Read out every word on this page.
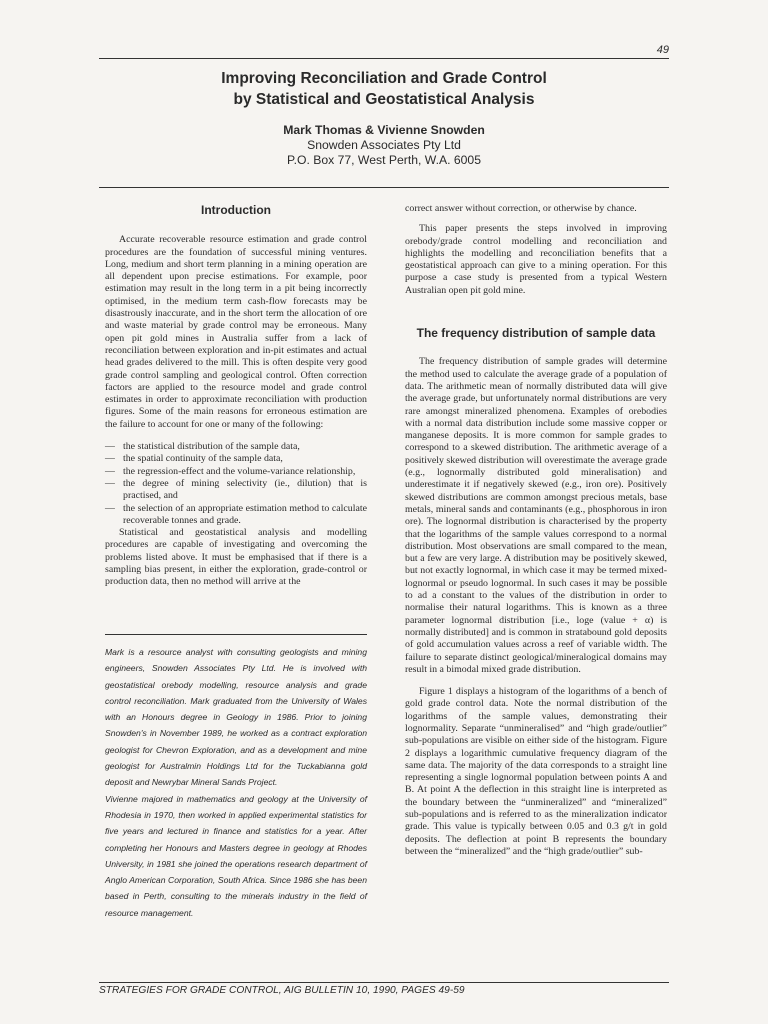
49
Improving Reconciliation and Grade Control
by Statistical and Geostatistical Analysis
Mark Thomas & Vivienne Snowden
Snowden Associates Pty Ltd
P.O. Box 77, West Perth, W.A. 6005
Introduction

Accurate recoverable resource estimation and grade control procedures are the foundation of successful mining ventures. Long, medium and short term planning in a mining operation are all dependent upon precise estimations. For example, poor estimation may result in the long term in a pit being incorrectly optimised, in the medium term cash-flow forecasts may be disastrously inaccurate, and in the short term the allocation of ore and waste material by grade control may be erroneous. Many open pit gold mines in Australia suffer from a lack of reconciliation between exploration and in-pit estimates and actual head grades delivered to the mill. This is often despite very good grade control sampling and geological control. Often correction factors are applied to the resource model and grade control estimates in order to approximate reconciliation with production figures. Some of the main reasons for erroneous estimation are the failure to account for one or many of the following:

— the statistical distribution of the sample data,
— the spatial continuity of the sample data,
— the regression-effect and the volume-variance relationship,
— the degree of mining selectivity (ie., dilution) that is practised, and
— the selection of an appropriate estimation method to calculate recoverable tonnes and grade.

Statistical and geostatistical analysis and modelling procedures are capable of investigating and overcoming the problems listed above. It must be emphasised that if there is a sampling bias present, in either the exploration, grade-control or production data, then no method will arrive at the

Mark is a resource analyst with consulting geologists and mining engineers, Snowden Associates Pty Ltd. He is involved with geostatistical orebody modelling, resource analysis and grade control reconciliation. Mark graduated from the University of Wales with an Honours degree in Geology in 1986. Prior to joining Snowden's in November 1989, he worked as a contract exploration geologist for Chevron Exploration, and as a development and mine geologist for Australmin Holdings Ltd for the Tuckabianna gold deposit and Newrybar Mineral Sands Project.

Vivienne majored in mathematics and geology at the University of Rhodesia in 1970, then worked in applied experimental statistics for five years and lectured in finance and statistics for a year. After completing her Honours and Masters degree in geology at Rhodes University, in 1981 she joined the operations research department of Anglo American Corporation, South Africa. Since 1986 she has been based in Perth, consulting to the minerals industry in the field of resource management.

correct answer without correction, or otherwise by chance.

This paper presents the steps involved in improving orebody/grade control modelling and reconciliation and highlights the modelling and reconciliation benefits that a geostatistical approach can give to a mining operation. For this purpose a case study is presented from a typical Western Australian open pit gold mine.

The frequency distribution of sample data

The frequency distribution of sample grades will determine the method used to calculate the average grade of a population of data. The arithmetic mean of normally distributed data will give the average grade, but unfortunately normal distributions are very rare amongst mineralized phenomena. Examples of orebodies with a normal data distribution include some massive copper or manganese deposits. It is more common for sample grades to correspond to a skewed distribution. The arithmetic average of a positively skewed distribution will overestimate the average grade (e.g., lognormally distributed gold mineralisation) and underestimate it if negatively skewed (e.g., iron ore). Positively skewed distributions are common amongst precious metals, base metals, mineral sands and contaminants (e.g., phosphorous in iron ore). The lognormal distribution is characterised by the property that the logarithms of the sample values correspond to a normal distribution. Most observations are small compared to the mean, but a few are very large. A distribution may be positively skewed, but not exactly lognormal, in which case it may be termed mixed-lognormal or pseudo lognormal. In such cases it may be possible to ad a constant to the values of the distribution in order to normalise their natural logarithms. This is known as a three parameter lognormal distribution [i.e., loge (value + α) is normally distributed] and is common in stratabound gold deposits of gold accumulation values across a reef of variable width. The failure to separate distinct geological/mineralogical domains may result in a bimodal mixed grade distribution.

Figure 1 displays a histogram of the logarithms of a bench of gold grade control data. Note the normal distribution of the logarithms of the sample values, demonstrating their lognormality. Separate “unmineralised” and “high grade/outlier” sub-populations are visible on either side of the histogram. Figure 2 displays a logarithmic cumulative frequency diagram of the same data. The majority of the data corresponds to a straight line representing a single lognormal population between points A and B. At point A the deflection in this straight line is interpreted as the boundary between the “unmineralized” and “mineralized” sub-populations and is referred to as the mineralization indicator grade. This value is typically between 0.05 and 0.3 g/t in gold deposits. The deflection at point B represents the boundary between the “mineralized” and the “high grade/outlier” sub-

STRATEGIES FOR GRADE CONTROL, AIG BULLETIN 10, 1990, PAGES 49-59
